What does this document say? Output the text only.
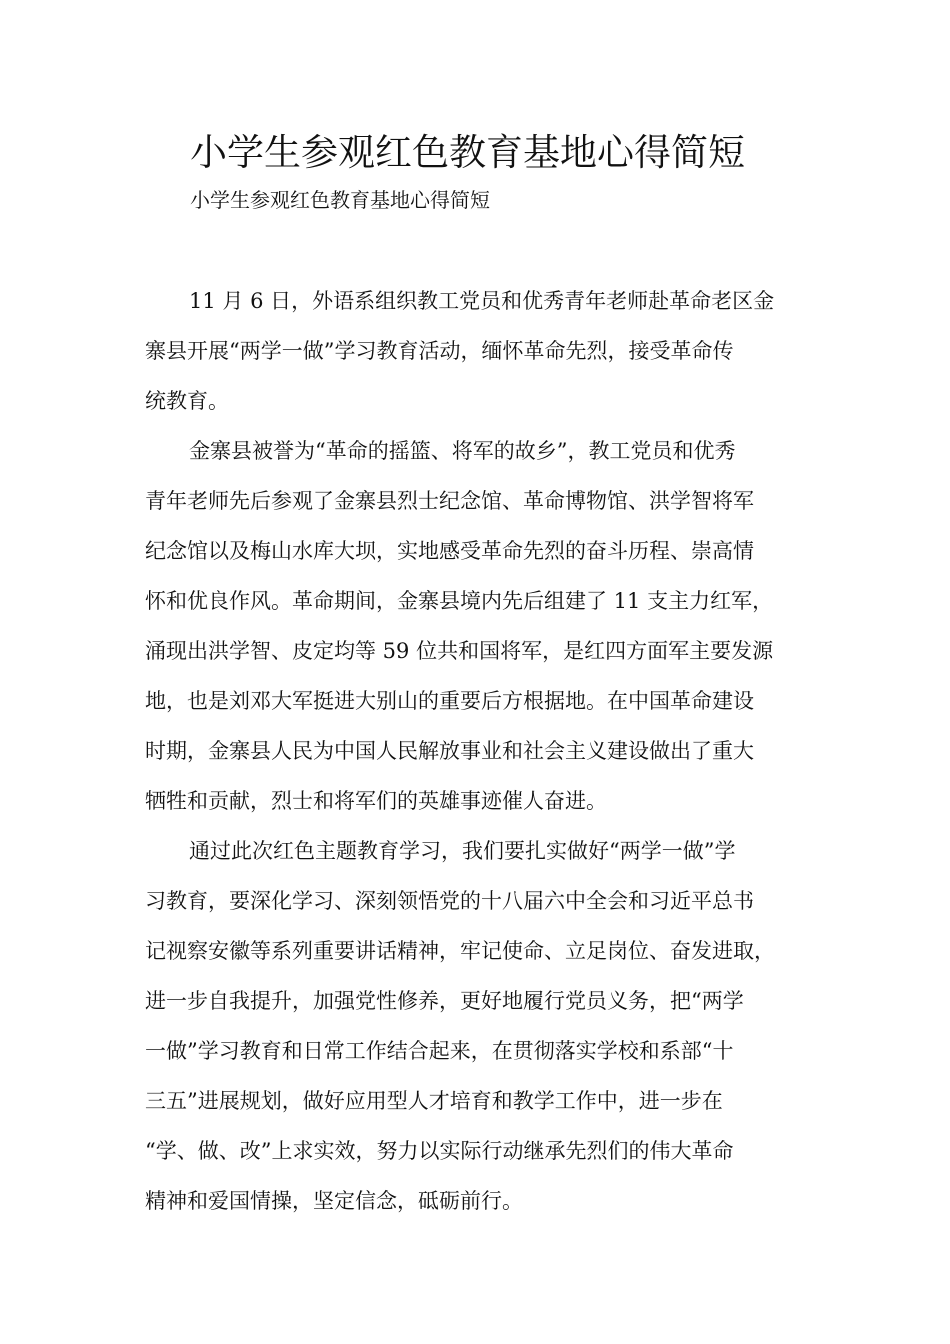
小学生参观红色教育基地心得简短

小学生参观红色教育基地心得简短

11 月 6 日，外语系组织教工党员和优秀青年老师赴革命老区金
寨县开展“两学一做”学习教育活动，缅怀革命先烈，接受革命传
统教育。
金寨县被誉为“革命的摇篮、将军的故乡”，教工党员和优秀
青年老师先后参观了金寨县烈士纪念馆、革命博物馆、洪学智将军
纪念馆以及梅山水库大坝，实地感受革命先烈的奋斗历程、崇高情
怀和优良作风。革命期间，金寨县境内先后组建了 11 支主力红军，
涌现出洪学智、皮定均等 59 位共和国将军，是红四方面军主要发源
地，也是刘邓大军挺进大别山的重要后方根据地。在中国革命建设
时期，金寨县人民为中国人民解放事业和社会主义建设做出了重大
牺牲和贡献，烈士和将军们的英雄事迹催人奋进。
通过此次红色主题教育学习，我们要扎实做好“两学一做”学
习教育，要深化学习、深刻领悟党的十八届六中全会和习近平总书
记视察安徽等系列重要讲话精神，牢记使命、立足岗位、奋发进取，
进一步自我提升，加强党性修养，更好地履行党员义务，把“两学
一做”学习教育和日常工作结合起来，在贯彻落实学校和系部“十
三五”进展规划，做好应用型人才培育和教学工作中，进一步在
“学、做、改”上求实效，努力以实际行动继承先烈们的伟大革命
精神和爱国情操，坚定信念，砥砺前行。
